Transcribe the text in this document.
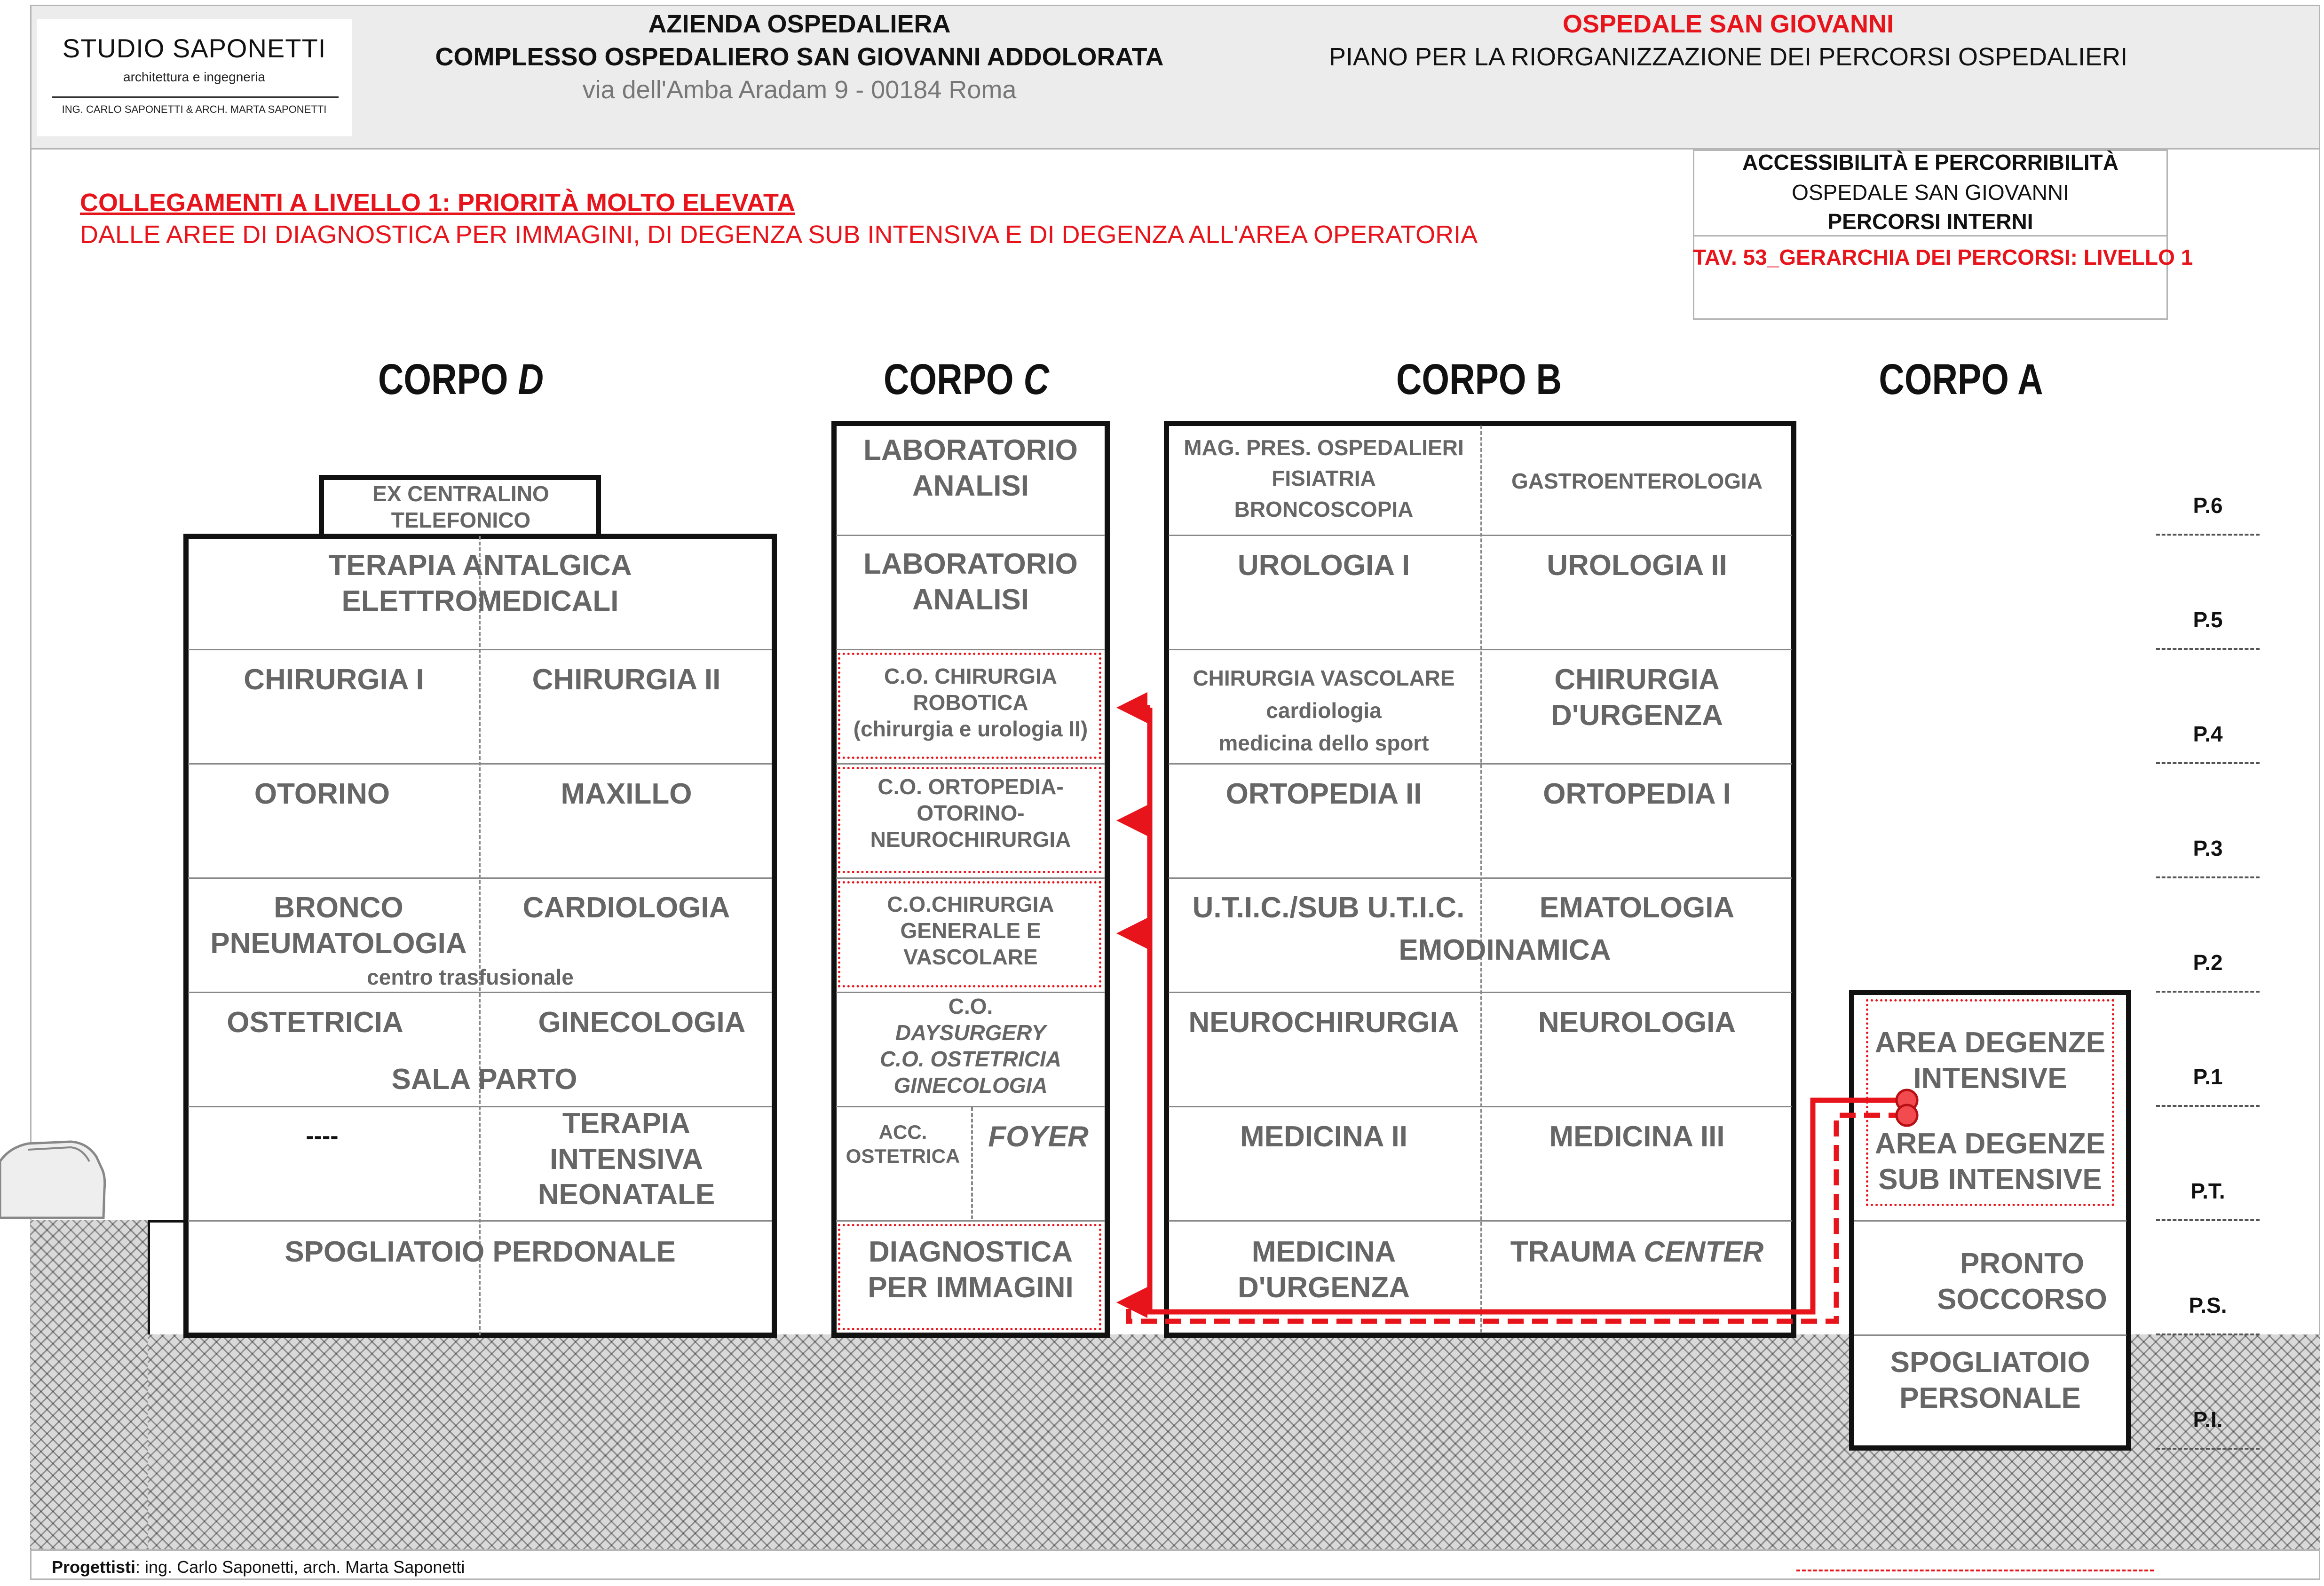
STUDIO SAPONETTI
architettura e ingegneria
ING. CARLO SAPONETTI & ARCH. MARTA SAPONETTI
AZIENDA OSPEDALIERA
COMPLESSO OSPEDALIERO SAN GIOVANNI ADDOLORATA
via dell'Amba Aradam 9 - 00184 Roma
OSPEDALE SAN GIOVANNI
PIANO PER LA RIORGANIZZAZIONE DEI PERCORSI OSPEDALIERI
ACCESSIBILITÀ E PERCORRIBILITÀ
OSPEDALE SAN GIOVANNI
PERCORSI INTERNI
TAV. 53_GERARCHIA DEI PERCORSI: LIVELLO 1
COLLEGAMENTI A LIVELLO 1: PRIORITÀ MOLTO ELEVATA
DALLE AREE DI DIAGNOSTICA PER IMMAGINI, DI DEGENZA SUB INTENSIVA E DI DEGENZA ALL'AREA OPERATORIA
CORPO D	CORPO C	CORPO B	CORPO A
EX CENTRALINO
TELEFONICO
TERAPIA ANTALGICA
ELETTROMEDICALI
CHIRURGIA I	CHIRURGIA II
OTORINO	MAXILLO
BRONCO
PNEUMATOLOGIA
CARDIOLOGIA
centro trasfusionale
OSTETRICIA	GINECOLOGIA
SALA PARTO
----	TERAPIA
INTENSIVA
NEONATALE
SPOGLIATOIO PERDONALE
LABORATORIO
ANALISI
LABORATORIO
ANALISI
C.O. CHIRURGIA
ROBOTICA
(chirurgia e urologia II)
C.O. ORTOPEDIA-
OTORINO-
NEUROCHIRURGIA
C.O.CHIRURGIA
GENERALE E
VASCOLARE
C.O.
DAYSURGERY
C.O. OSTETRICIA
GINECOLOGIA
ACC.
OSTETRICA
FOYER
DIAGNOSTICA
PER IMMAGINI
MAG. PRES. OSPEDALIERI
FISIATRIA
BRONCOSCOPIA
GASTROENTEROLOGIA
UROLOGIA I	UROLOGIA II
CHIRURGIA VASCOLARE
cardiologia
medicina dello sport
CHIRURGIA
D'URGENZA
ORTOPEDIA II	ORTOPEDIA I
U.T.I.C./SUB U.T.I.C.	EMATOLOGIA
EMODINAMICA
NEUROCHIRURGIA	NEUROLOGIA
MEDICINA II	MEDICINA III
MEDICINA
D'URGENZA
TRAUMA CENTER
AREA DEGENZE
INTENSIVE
AREA DEGENZE
SUB INTENSIVE
PRONTO
SOCCORSO
SPOGLIATOIO
PERSONALE
P.6
P.5
P.4
P.3
P.2
P.1
P.T.
P.S.
P.I.
Progettisti: ing. Carlo Saponetti, arch. Marta Saponetti
